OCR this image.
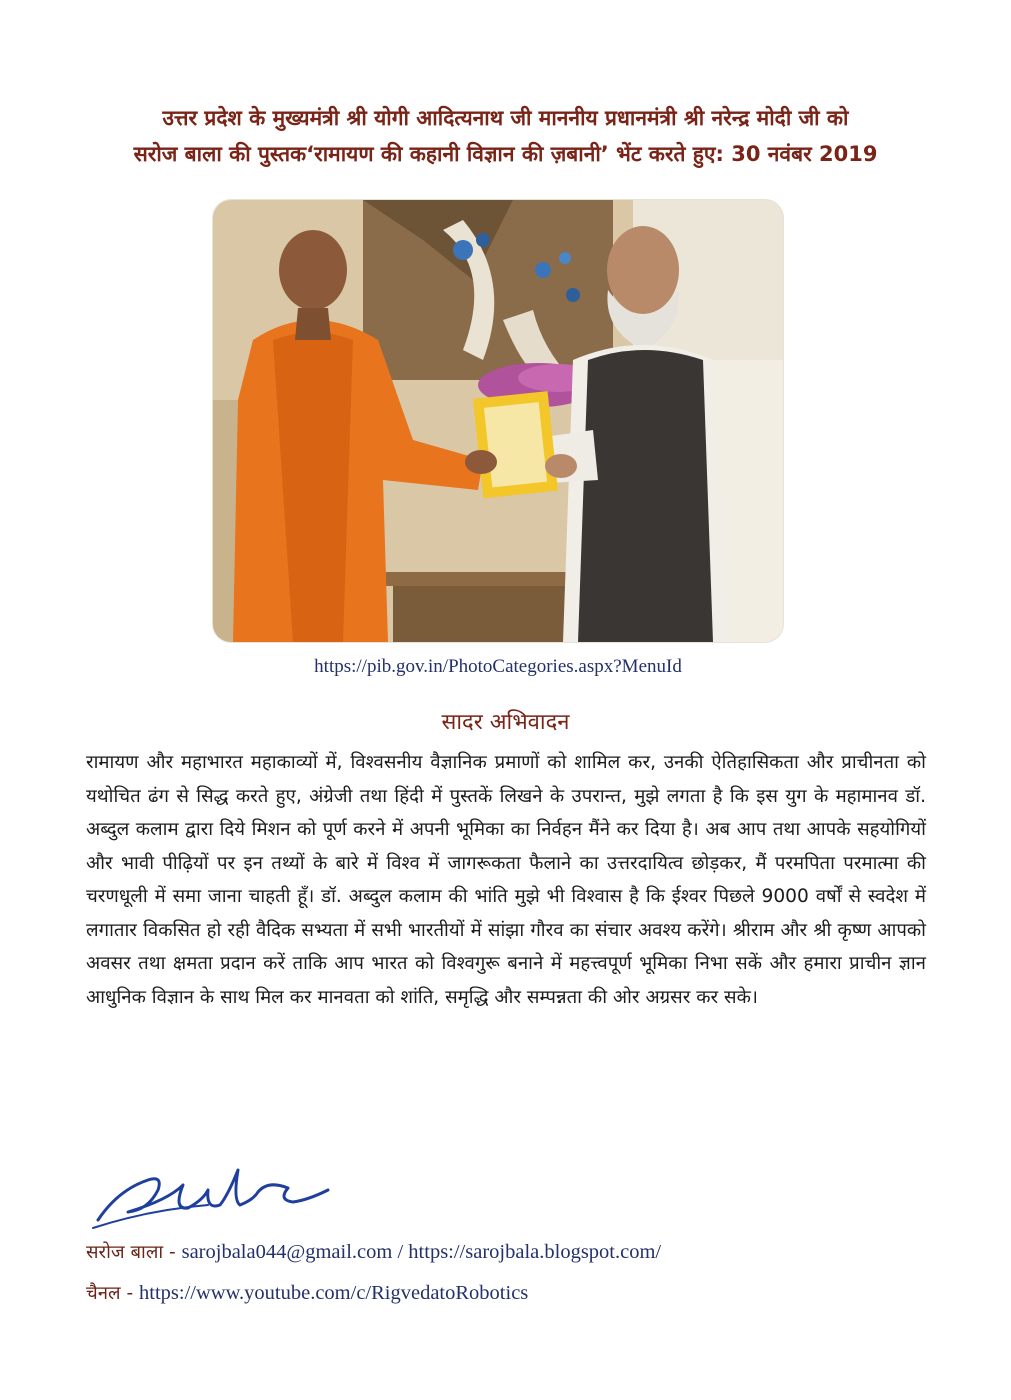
उत्तर प्रदेश के मुख्यमंत्री श्री योगी आदित्यनाथ जी माननीय प्रधानमंत्री श्री नरेन्द्र मोदी जी को
सरोज बाला की पुस्तक‘रामायण की कहानी विज्ञान की ज़बानी’ भेंट करते हुए: 30 नवंबर 2019
https://pib.gov.in/PhotoCategories.aspx?MenuId
सादर अभिवादन
रामायण और महाभारत महाकाव्यों में, विश्वसनीय वैज्ञानिक प्रमाणों को शामिल कर, उनकी ऐतिहासिकता और प्राचीनता को यथोचित ढंग से सिद्ध करते हुए, अंग्रेजी तथा हिंदी में पुस्तकें लिखने के उपरान्त, मुझे लगता है कि इस युग के महामानव डॉ. अब्दुल कलाम द्वारा दिये मिशन को पूर्ण करने में अपनी भूमिका का निर्वहन मैंने कर दिया है। अब आप तथा आपके सहयोगियों और भावी पीढ़ियों पर इन तथ्यों के बारे में विश्व में जागरूकता फैलाने का उत्तरदायित्व छोड़कर, मैं परमपिता परमात्मा की चरणधूली में समा जाना चाहती हूँ। डॉ. अब्दुल कलाम की भांति मुझे भी विश्वास है कि ईश्वर पिछले 9000 वर्षों से स्वदेश में लगातार विकसित हो रही वैदिक सभ्यता में सभी भारतीयों में सांझा गौरव का संचार अवश्य करेंगे। श्रीराम और श्री कृष्ण आपको अवसर तथा क्षमता प्रदान करें ताकि आप भारत को विश्वगुरू बनाने में महत्त्वपूर्ण भूमिका निभा सकें और हमारा प्राचीन ज्ञान आधुनिक विज्ञान के साथ मिल कर मानवता को शांति, समृद्धि और सम्पन्नता की ओर अग्रसर कर सके।
सरोज बाला - sarojbala044@gmail.com / https://sarojbala.blogspot.com/
चैनल - https://www.youtube.com/c/RigvedatoRobotics
